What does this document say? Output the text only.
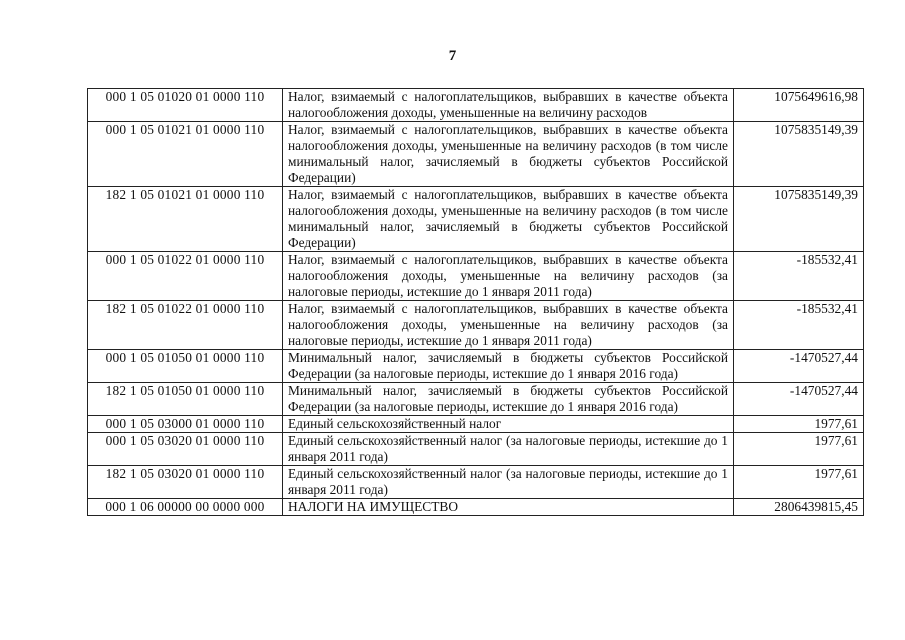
7
000 1 05 01020 01 0000 110	Налог, взимаемый с налогоплательщиков, выбравших в качестве объекта налогообложения доходы, уменьшенные на величину расходов	1075649616,98
000 1 05 01021 01 0000 110	Налог, взимаемый с налогоплательщиков, выбравших в качестве объекта налогообложения доходы, уменьшенные на величину расходов (в том числе минимальный налог, зачисляемый в бюджеты субъектов Российской Федерации)	1075835149,39
182 1 05 01021 01 0000 110	Налог, взимаемый с налогоплательщиков, выбравших в качестве объекта налогообложения доходы, уменьшенные на величину расходов (в том числе минимальный налог, зачисляемый в бюджеты субъектов Российской Федерации)	1075835149,39
000 1 05 01022 01 0000 110	Налог, взимаемый с налогоплательщиков, выбравших в качестве объекта налогообложения доходы, уменьшенные на величину расходов (за налоговые периоды, истекшие до 1 января 2011 года)	-185532,41
182 1 05 01022 01 0000 110	Налог, взимаемый с налогоплательщиков, выбравших в качестве объекта налогообложения доходы, уменьшенные на величину расходов (за налоговые периоды, истекшие до 1 января 2011 года)	-185532,41
000 1 05 01050 01 0000 110	Минимальный налог, зачисляемый в бюджеты субъектов Российской Федерации (за налоговые периоды, истекшие до 1 января 2016 года)	-1470527,44
182 1 05 01050 01 0000 110	Минимальный налог, зачисляемый в бюджеты субъектов Российской Федерации (за налоговые периоды, истекшие до 1 января 2016 года)	-1470527,44
000 1 05 03000 01 0000 110	Единый сельскохозяйственный налог	1977,61
000 1 05 03020 01 0000 110	Единый сельскохозяйственный налог (за налоговые периоды, истекшие до 1 января 2011 года)	1977,61
182 1 05 03020 01 0000 110	Единый сельскохозяйственный налог (за налоговые периоды, истекшие до 1 января 2011 года)	1977,61
000 1 06 00000 00 0000 000	НАЛОГИ НА ИМУЩЕСТВО	2806439815,45
